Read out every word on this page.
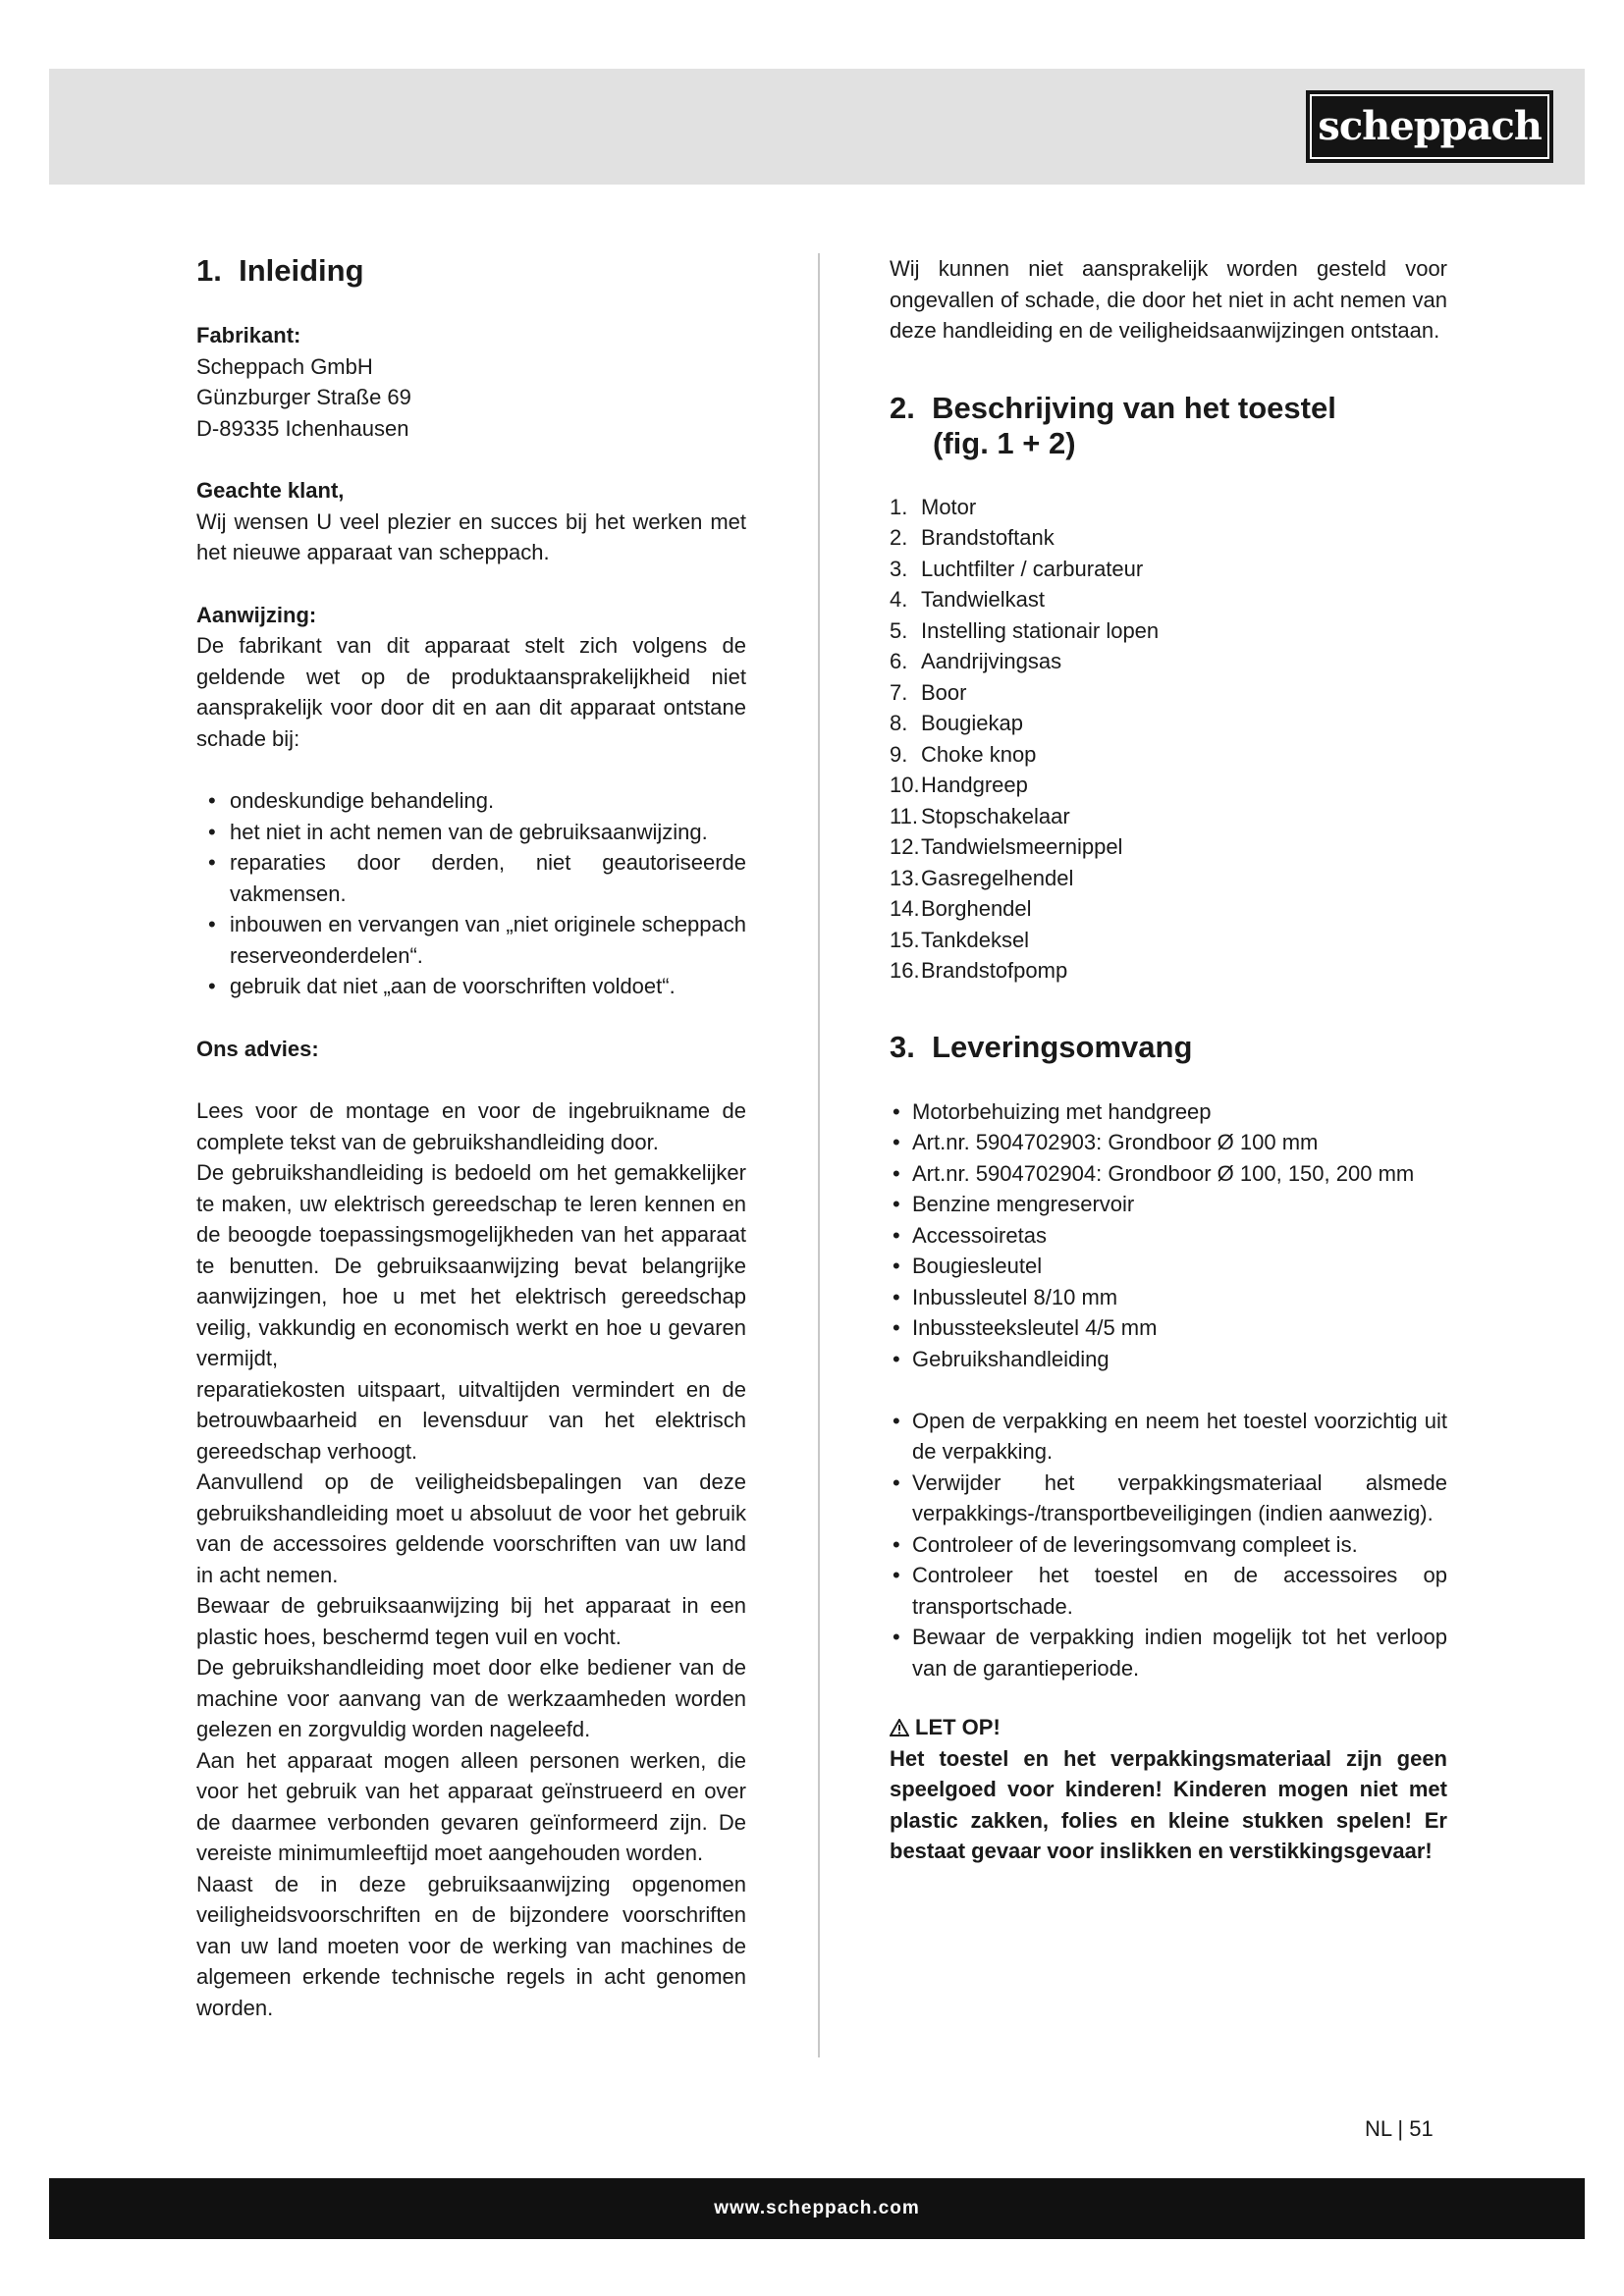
scheppach
1. Inleiding

Fabrikant:

Scheppach GmbH

Günzburger Straße 69

D-89335 Ichenhausen

Geachte klant,

Wij wensen U veel plezier en succes bij het werken met het nieuwe apparaat van scheppach.

Aanwijzing:

De fabrikant van dit apparaat stelt zich volgens de geldende wet op de produktaansprakelijkheid niet aansprakelijk voor door dit en aan dit apparaat ontstane schade bij:

• ondeskundige behandeling.
• het niet in acht nemen van de gebruiksaanwijzing.
• reparaties door derden, niet geautoriseerde vakmensen.
• inbouwen en vervangen van „niet originele scheppach reserveonderdelen“.
• gebruik dat niet „aan de voorschriften voldoet“.

Ons advies:

Lees voor de montage en voor de ingebruikname de complete tekst van de gebruikshandleiding door.

De gebruikshandleiding is bedoeld om het gemakkelijker te maken, uw elektrisch gereedschap te leren kennen en de beoogde toepassingsmogelijkheden van het apparaat te benutten. De gebruiksaanwijzing bevat belangrijke aanwijzingen, hoe u met het elektrisch gereedschap veilig, vakkundig en economisch werkt en hoe u gevaren vermijdt,

reparatiekosten uitspaart, uitvaltijden vermindert en de betrouwbaarheid en levensduur van het elektrisch gereedschap verhoogt.

Aanvullend op de veiligheidsbepalingen van deze gebruikshandleiding moet u absoluut de voor het gebruik van de accessoires geldende voorschriften van uw land in acht nemen.

Bewaar de gebruiksaanwijzing bij het apparaat in een plastic hoes, beschermd tegen vuil en vocht.

De gebruikshandleiding moet door elke bediener van de machine voor aanvang van de werkzaamheden worden gelezen en zorgvuldig worden nageleefd.

Aan het apparaat mogen alleen personen werken, die voor het gebruik van het apparaat geïnstrueerd en over de daarmee verbonden gevaren geïnformeerd zijn. De vereiste minimumleeftijd moet aangehouden worden.

Naast de in deze gebruiksaanwijzing opgenomen veiligheidsvoorschriften en de bijzondere voorschriften van uw land moeten voor de werking van machines de algemeen erkende technische regels in acht genomen worden.

Wij kunnen niet aansprakelijk worden gesteld voor ongevallen of schade, die door het niet in acht nemen van deze handleiding en de veiligheidsaanwijzingen ontstaan.

2. Beschrijving van het toestel
(fig. 1 + 2)
1. Motor
2. Brandstoftank
3. Luchtfilter / carburateur
4. Tandwielkast
5. Instelling stationair lopen
6. Aandrijvingsas
7. Boor
8. Bougiekap
9. Choke knop
10.Handgreep
11. Stopschakelaar
12.Tandwielsmeernippel
13.Gasregelhendel
14.Borghendel
15.Tankdeksel
16.Brandstofpomp
3. Leveringsomvang
• Motorbehuizing met handgreep
• Art.nr. 5904702903: Grondboor Ø 100 mm
• Art.nr. 5904702904: Grondboor Ø 100, 150, 200 mm
• Benzine mengreservoir
• Accessoiretas
• Bougiesleutel
• Inbussleutel 8/10 mm
• Inbussteeksleutel 4/5 mm
• Gebruikshandleiding
• Open de verpakking en neem het toestel voorzichtig uit de verpakking.
• Verwijder het verpakkingsmateriaal alsmede verpakkings-/transportbeveiligingen (indien aanwezig).
• Controleer of de leveringsomvang compleet is.
• Controleer het toestel en de accessoires op transportschade.
• Bewaar de verpakking indien mogelijk tot het verloop van de garantieperiode.

LET OP!

Het toestel en het verpakkingsmateriaal zijn geen speelgoed voor kinderen! Kinderen mogen niet met plastic zakken, folies en kleine stukken spelen! Er bestaat gevaar voor inslikken en verstikkingsgevaar!

NL | 51
www.scheppach.com
